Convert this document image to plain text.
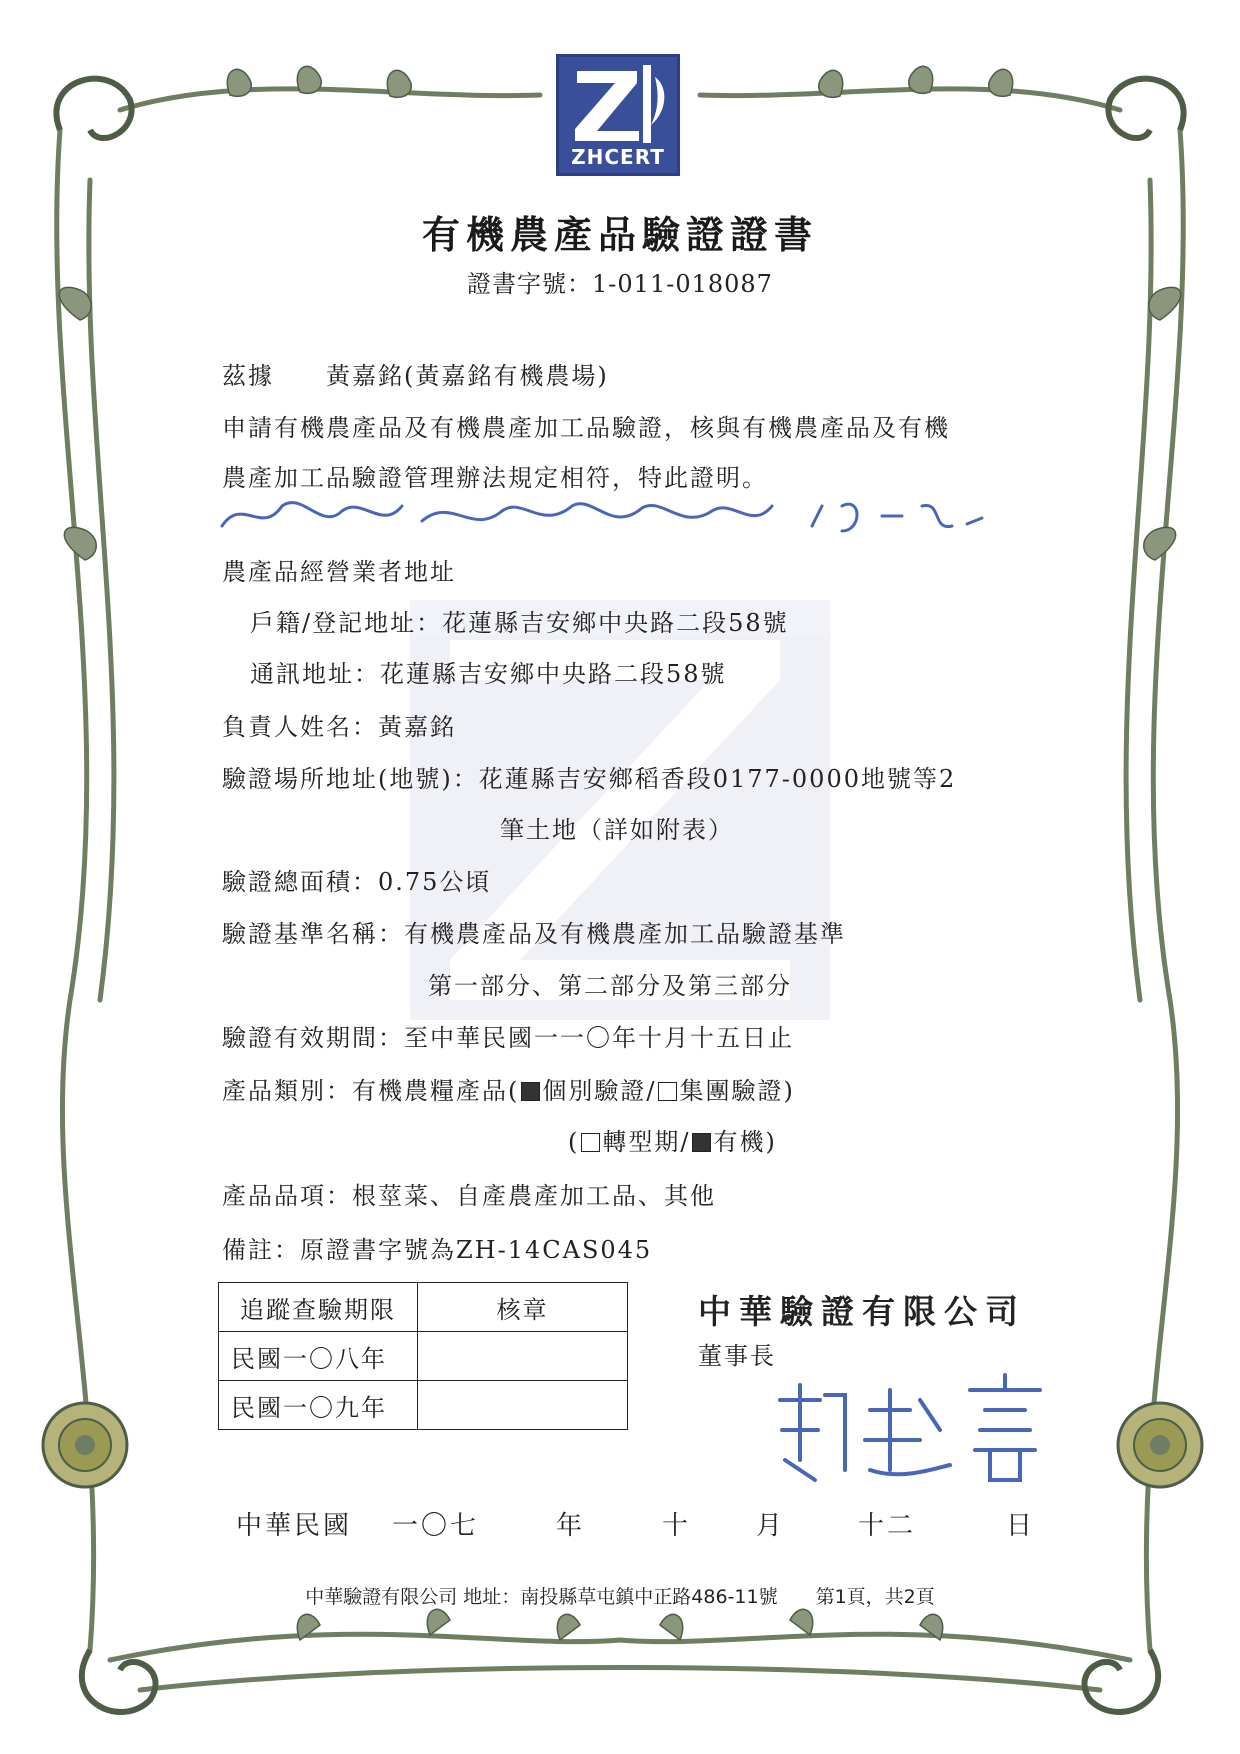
ZHCERT
有機農產品驗證證書
證書字號：1-011-018087
茲據　　黃嘉銘(黃嘉銘有機農場)
申請有機農產品及有機農產加工品驗證，核與有機農產品及有機
農產加工品驗證管理辦法規定相符，特此證明。
農產品經營業者地址
戶籍/登記地址：花蓮縣吉安鄉中央路二段58號
通訊地址：花蓮縣吉安鄉中央路二段58號
負責人姓名：黃嘉銘
驗證場所地址(地號)：花蓮縣吉安鄉稻香段0177-0000地號等2
筆土地（詳如附表）
驗證總面積：0.75公頃
驗證基準名稱：有機農產品及有機農產加工品驗證基準
第一部分、第二部分及第三部分
驗證有效期間：至中華民國一一〇年十月十五日止
產品類別：有機農糧產品( 個別驗證/ 集團驗證)
( 轉型期/ 有機)
產品品項：根莖菜、自產農產加工品、其他
備註：原證書字號為ZH-14CAS045
追蹤查驗期限	核章
民國一〇八年	
民國一〇九年	
中華驗證有限公司
董事長
中華民國 一〇七	年	十 月	十二	日
中華驗證有限公司 地址：南投縣草屯鎮中正路486-11號　　第1頁，共2頁
